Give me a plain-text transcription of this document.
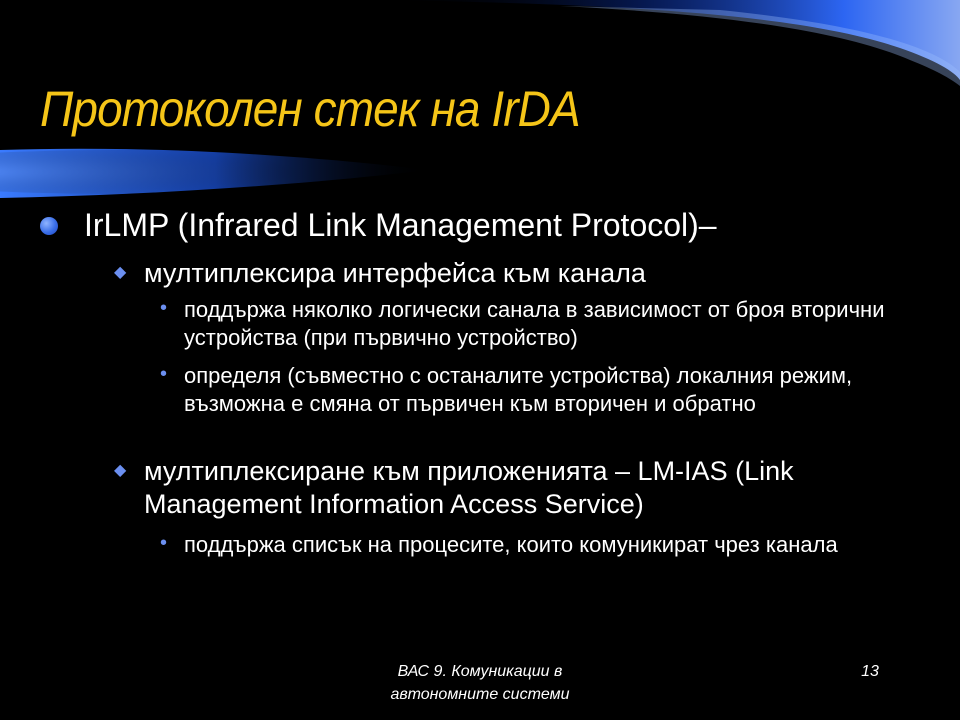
Протоколен стек на IrDA
IrLMP (Infrared Link Management Protocol)–
◆ мултиплексира интерфейса към канала
• поддържа няколко логически санала в зависимост от броя вторични устройства (при първично устройство)
• определя (съвместно с останалите устройства) локалния режим, възможна е смяна от първичен към вторичен и обратно
◆ мултиплексиране към приложенията – LM-IAS (Link Management Information Access Service)
• поддържа списък на процесите, които комуникират чрез канала
ВАС 9. Комуникации в
автономните системи
13
